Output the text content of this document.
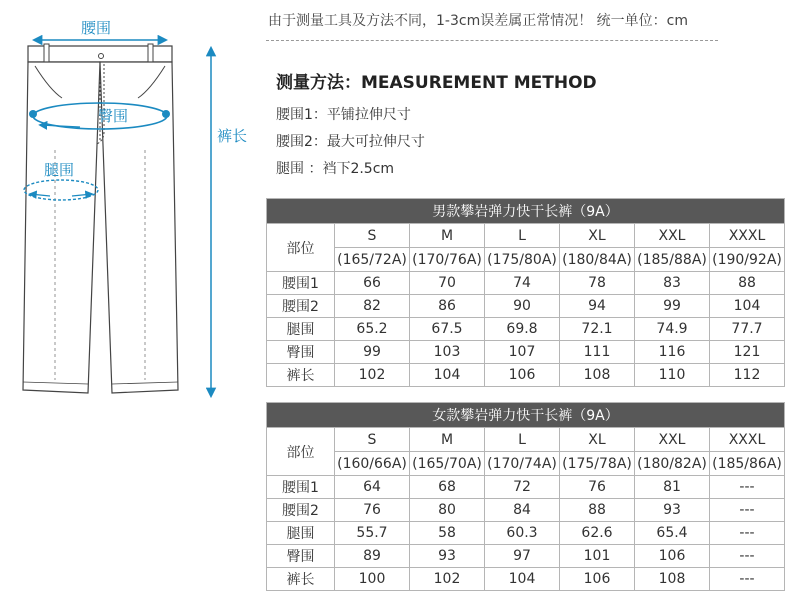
腰围
臀围
腿围
裤长
由于测量工具及方法不同，1-3cm误差属正常情况！ 统一单位：cm
测量方法：MEASUREMENT METHOD
腰围1：平铺拉伸尺寸
腰围2：最大可拉伸尺寸
腿围 ：裆下2.5cm
男款攀岩弹力快干长裤（9A）						
部位	S	M	L	XL	XXL	XXXL
	(165/72A)	(170/76A)	(175/80A)	(180/84A)	(185/88A)	(190/92A)
腰围1	66	70	74	78	83	88
腰围2	82	86	90	94	99	104
腿围	65.2	67.5	69.8	72.1	74.9	77.7
臀围	99	103	107	111	116	121
裤长	102	104	106	108	110	112
女款攀岩弹力快干长裤（9A）						
部位	S	M	L	XL	XXL	XXXL
	(160/66A)	(165/70A)	(170/74A)	(175/78A)	(180/82A)	(185/86A)
腰围1	64	68	72	76	81	---
腰围2	76	80	84	88	93	---
腿围	55.7	58	60.3	62.6	65.4	---
臀围	89	93	97	101	106	---
裤长	100	102	104	106	108	---
